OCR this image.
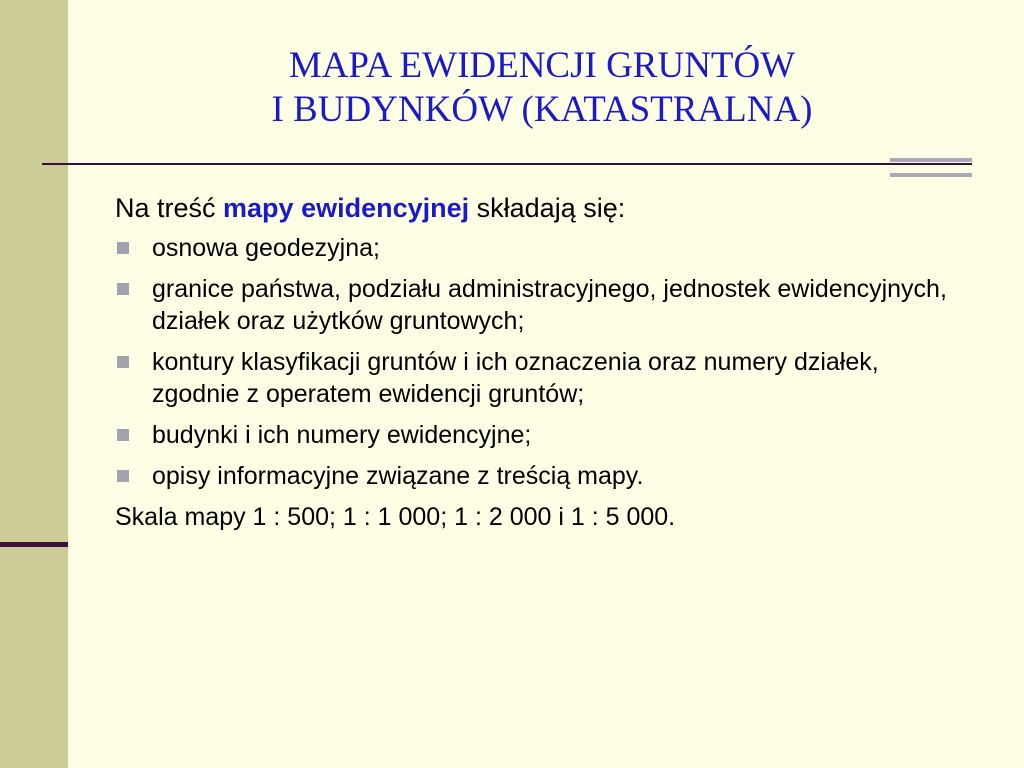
MAPA EWIDENCJI GRUNTÓW
I BUDYNKÓW (KATASTRALNA)
Na treść mapy ewidencyjnej składają się:
osnowa geodezyjna;
granice państwa, podziału administracyjnego, jednostek ewidencyjnych, działek oraz użytków gruntowych;
kontury klasyfikacji gruntów i ich oznaczenia oraz numery działek, zgodnie z operatem ewidencji gruntów;
budynki i ich numery ewidencyjne;
opisy informacyjne związane z treścią mapy.
Skala mapy 1 : 500; 1 : 1 000; 1 : 2 000 i 1 : 5 000.
